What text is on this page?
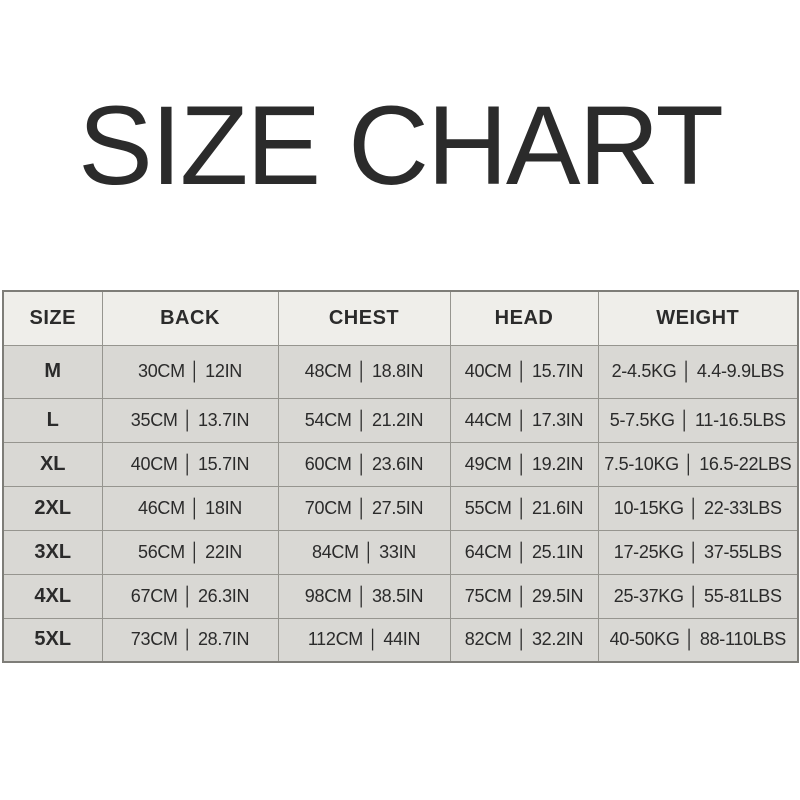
SIZE CHART
SIZE	BACK	CHEST	HEAD	WEIGHT
M	30CM │ 12IN	48CM │ 18.8IN	40CM │ 15.7IN	2-4.5KG │ 4.4-9.9LBS
L	35CM │ 13.7IN	54CM │ 21.2IN	44CM │ 17.3IN	5-7.5KG │ 11-16.5LBS
XL	40CM │ 15.7IN	60CM │ 23.6IN	49CM │ 19.2IN	7.5-10KG │ 16.5-22LBS
2XL	46CM │ 18IN	70CM │ 27.5IN	55CM │ 21.6IN	10-15KG │ 22-33LBS
3XL	56CM │ 22IN	84CM │ 33IN	64CM │ 25.1IN	17-25KG │ 37-55LBS
4XL	67CM │ 26.3IN	98CM │ 38.5IN	75CM │ 29.5IN	25-37KG │ 55-81LBS
5XL	73CM │ 28.7IN	112CM │ 44IN	82CM │ 32.2IN	40-50KG │ 88-110LBS
